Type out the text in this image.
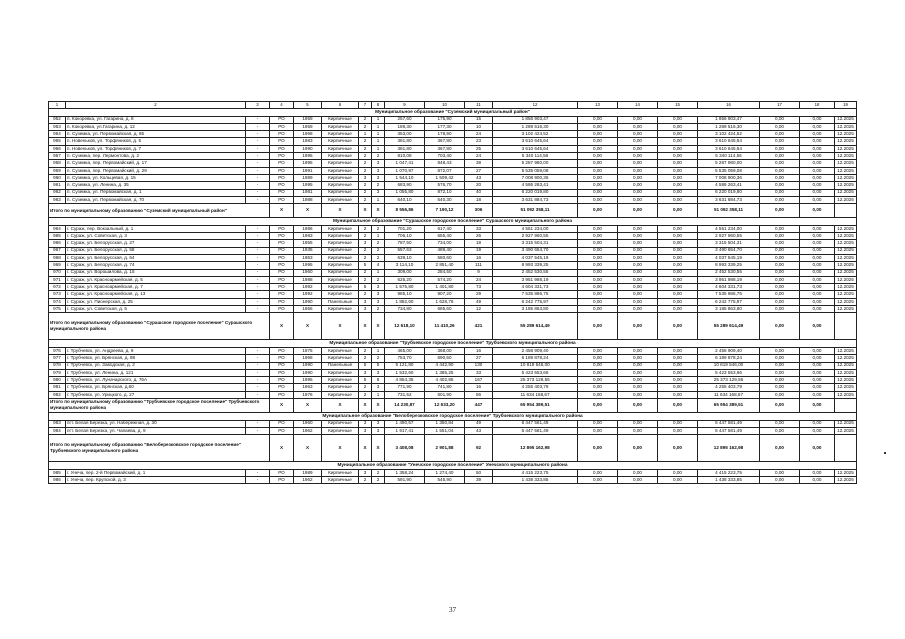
1	2	3	4	5	6	7	8	9	10	11	12	13	14	15	16	17	18	19
Муниципальное образование "Суземский муниципальный район"																		
952	п. Кокоревка, ул. Гагарина, д. 8	-	РО	1959	Кирпичные	2	1	257,60	175,90	15	1 856 903,47	0,00	0,00	0,00	1 856 903,47	0,00	0,00	12.2025
953	п. Кокоревка, ул.Гагарина, д. 12	-	РО	1959	Кирпичные	2	1	189,30	177,30	10	1 289 516,30	0,00	0,00	0,00	1 289 516,30	0,00	0,00	12.2025
954	п. Суземка, ул. Первомайская, д. 85	-	РО	1968	Кирпичные	1	1	353,00	178,90	24	3 102 424,52	0,00	0,00	0,00	3 102 424,52	0,00	0,00	12.2025
955	п. Новеньков, ул. Торфяников, д. 5	-	РО	1983	Кирпичные	2	1	381,80	367,80	23	3 610 645,64	0,00	0,00	0,00	3 610 645,64	0,00	0,00	12.2025
956	п. Новеньков, ул. Торфяников, д. 7	-	РО	1990	Кирпичные	2	1	381,80	367,80	25	3 610 645,64	0,00	0,00	0,00	3 610 645,64	0,00	0,00	12.2025
957	п. Суземка, пер. Лермонтова, д. 2	-	РО	1995	Кирпичные	2	2	810,08	703,40	24	5 340 114,56	0,00	0,00	0,00	5 340 114,56	0,00	0,00	12.2025
958	п. Суземка, пер. Первомайский, д. 17	-	РО	1995	Кирпичные	2	3	1 047,41	848,43	38	5 287 980,00	0,00	0,00	0,00	5 287 980,00	0,00	0,00	12.2025
959	п. Суземка, пер. Первомайский, д. 29	-	РО	1991	Кирпичные	2	3	1 070,97	872,07	27	5 535 059,08	0,00	0,00	0,00	5 535 059,08	0,00	0,00	12.2025
960	п. Суземка, ул. Кольцевая, д. 15	-	РО	1989	Кирпичные	3	3	1 544,10	1 509,42	43	7 008 900,36	0,00	0,00	0,00	7 008 900,36	0,00	0,00	12.2025
961	п. Суземка, ул. Ленина, д. 35	-	РО	1995	Кирпичные	2	2	683,90	576,70	20	4 586 263,41	0,00	0,00	0,00	4 586 263,41	0,00	0,00	12.2025
962	п. Суземка, ул. Первомайская, д. 1	-	РО	1981	Кирпичные	2	3	1 055,80	872,10	40	6 220 019,80	0,00	0,00	0,00	6 220 019,80	0,00	0,00	12.2025
963	п. Суземка, ул. Первомайская, д. 70	-	РО	1988	Кирпичные	2	1	640,10	540,30	18	3 631 884,73	0,00	0,00	0,00	3 631 884,73	0,00	0,00	12.2025
Итого по муниципальному образованию "Суземский муниципальный район"			X	X	X	X	X	8 556,86	7 190,12	306	51 092 358,11	0,00	0,00	0,00	51 092 358,11	0,00	0,00	
Муниципальное образование "Сурашское городское поселение" Сурашского муниципального района																		
964	г. Сураж, пер. Вокзальный, д. 1	-	РО	1986	Кирпичные	2	2	701,20	617,40	33	4 551 234,00	0,00	0,00	0,00	4 551 234,00	0,00	0,00	12.2025
965	г. Сураж, ул. Советская, д. 3	-	РО	1983	Кирпичные	2	1	706,10	655,40	26	2 927 960,55	0,00	0,00	0,00	2 927 960,55	0,00	0,00	12.2025
966	г. Сураж, ул. Белорусская, д. 27	-	РО	1955	Кирпичные	3	2	787,50	734,00	18	3 315 504,31	0,00	0,00	0,00	3 315 504,31	0,00	0,00	12.2025
967	г. Сураж, ул. Белорусская, д. 58	-	РО	1935	Кирпичные	2	2	557,63	489,40	19	3 490 654,70	0,00	0,00	0,00	3 490 654,70	0,00	0,00	12.2025
968	г. Сураж, ул. Белорусская, д. 64	-	РО	1953	Кирпичные	2	2	639,10	580,60	16	4 037 545,19	0,00	0,00	0,00	4 037 545,19	0,00	0,00	12.2025
969	г. Сураж, ул. Белорусская, д. 74	-	РО	1995	Кирпичные	5	4	3 114,10	2 851,40	111	8 993 339,25	0,00	0,00	0,00	8 993 339,25	0,00	0,00	12.2025
970	г. Сураж, ул. Ворошилова, д. 15	-	РО	1960	Кирпичные	2	1	309,00	284,50	9	2 452 530,55	0,00	0,00	0,00	2 452 530,55	0,00	0,00	12.2025
971	г. Сураж, ул. Красноармейская, д. 5	-	РО	1988	Кирпичные	2	2	625,20	574,20	24	3 951 988,19	0,00	0,00	0,00	3 951 988,19	0,00	0,00	12.2025
972	г. Сураж, ул. Красноармейская, д. 7	-	РО	1992	Кирпичные	5	3	1 575,80	1 401,80	73	4 604 331,73	0,00	0,00	0,00	4 604 331,73	0,00	0,00	12.2025
973	г. Сураж, ул. Красноармейская, д. 13	-	РО	1992	Кирпичные	2	3	985,10	907,20	29	7 535 886,75	0,00	0,00	0,00	7 535 886,75	0,00	0,00	12.2025
974	г. Сураж, ул. Пионерская, д. 25	-	РО	1990	Панельные	3	3	1 882,60	1 628,76	49	6 242 775,97	0,00	0,00	0,00	6 242 775,97	0,00	0,00	12.2025
975	г. Сураж, ул. Советская, д. 5	-	РО	1955	Кирпичные	3	2	734,80	685,60	12	3 185 863,80	0,00	0,00	0,00	3 185 863,80	0,00	0,00	12.2025
Итого по муниципальному образованию "Сурашское городское поселение" Сурашского муниципального района			X	X	X	X	X	12 618,10	11 410,26	421	55 289 614,49	0,00	0,00	0,00	55 289 614,49	0,00	0,00	
Муниципальное образование "Трубчевское городское поселение" Трубчевского муниципального района																		
976	г. Трубчевск, ул. Андреева, д. 9	-	РО	1975	Кирпичные	2	1	465,00	368,00	16	2 458 909,40	0,00	0,00	0,00	2 458 909,40	0,00	0,00	12.2025
977	г. Трубчевск, ул. Брянская, д. 88	-	РО	1968	Кирпичные	2	2	753,70	690,50	27	6 189 878,24	0,00	0,00	0,00	6 189 878,24	0,00	0,00	12.2025
978	г. Трубчевск, ул. Заводская, д. 2	-	РО	1990	Панельные	5	5	5 121,80	4 442,90	130	10 819 546,00	0,00	0,00	0,00	10 819 546,00	0,00	0,00	12.2025
979	г. Трубчевск, ул. Ленина, д. 121	-	РО	1990	Кирпичные	3	3	1 532,60	1 385,25	33	5 423 553,66	0,00	0,00	0,00	5 423 553,66	0,00	0,00	12.2025
980	г. Трубчевск, ул. Луначарского, д. 76А	-	РО	1995	Кирпичные	5	6	4 854,35	4 402,85	167	25 373 129,55	0,00	0,00	0,00	25 373 129,55	0,00	0,00	12.2025
981	г. Трубчевск, ул. Брянская, д.60	-	РО	1963	Кирпичные	2	3	771,90	741,80	16	4 255 403,79	0,00	0,00	0,00	4 255 403,79	0,00	0,00	12.2025
982	г. Трубчевск, ул. Урицкого, д. 27	-	РО	1976	Кирпичные	2	1	731,52	601,90	56	11 634 168,67	0,00	0,00	0,00	11 634 168,67	0,00	0,00	12.2025
Итого по муниципальному образованию "Трубчевское городское поселение" Трубчевского муниципального района			X	X	X	X	X	14 230,87	12 633,20	447	65 954 389,51	0,00	0,00	0,00	65 954 389,51	0,00	0,00	
Муниципальное образование "Белоберезковское городское поселение" Трубчевского муниципального района																		
983	пгт. Белая Березка, ул. Набережная, д. 30	-	РО	1960	Кирпичные	3	3	1 490,57	1 350,84	49	6 447 581,49	0,00	0,00	0,00	6 447 581,49	0,00	0,00	12.2025
984	пгт. Белая Березка, ул. Чапаева, д. 9	-	РО	1962	Кирпичные	3	3	1 917,41	1 551,04	43	6 447 581,49	0,00	0,00	0,00	6 447 581,49	0,00	0,00	12.2025
Итого по муниципальному образованию "Белоберезковское городское поселение" Трубчевского муниципального района			X	X	X	X	X	3 408,08	2 901,88	92	12 895 162,98	0,00	0,00	0,00	12 895 162,98	0,00	0,00	
Муниципальное образование "Унечское городское поселение" Унечского муниципального района																		
985	г. Унеча, пер. 2-й Первомайский, д. 1	-	РО	1989	Кирпичные	3	2	1 358,24	1 274,40	50	4 415 223,75	0,00	0,00	0,00	4 415 223,75	0,00	0,00	12.2025
986	г. Унеча, пер. Крупской, д. 3	-	РО	1962	Кирпичные	2	2	591,90	545,90	39	1 438 333,85	0,00	0,00	0,00	1 438 333,85	0,00	0,00	12.2025
37
